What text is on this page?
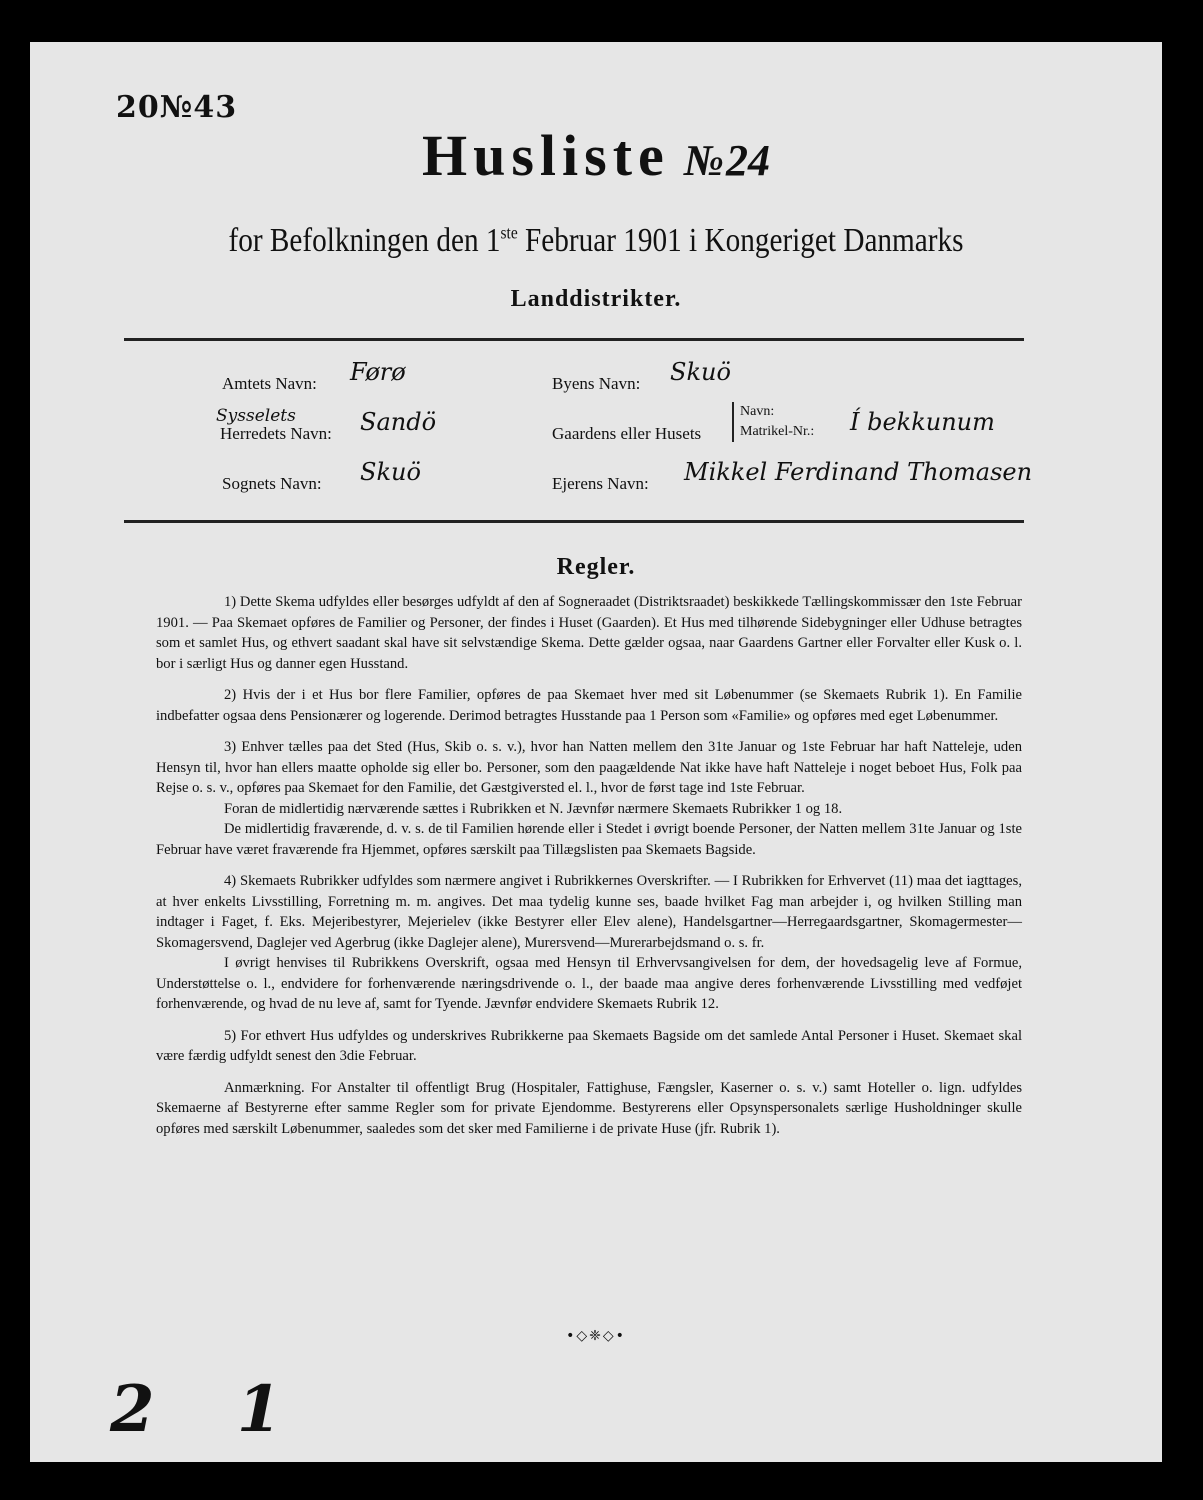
20№43
Husliste №24
for Befolkningen den 1ste Februar 1901 i Kongeriget Danmarks
Landdistrikter.
Amtets Navn: Førø
Sysselets
Herredets Navn: Sandö
Sognets Navn: Skuö
Byens Navn: Skuö
Gaardens eller Husets
Navn:
Matrikel-Nr.: Í bekkunum
Ejerens Navn: Mikkel Ferdinand Thomasen
Regler.

1) Dette Skema udfyldes eller besørges udfyldt af den af Sogneraadet (Distriktsraadet) beskikkede Tællingskommissær den 1ste Februar 1901. — Paa Skemaet opføres de Familier og Personer, der findes i Huset (Gaarden). Et Hus med tilhørende Sidebygninger eller Udhuse betragtes som et samlet Hus, og ethvert saadant skal have sit selvstændige Skema. Dette gælder ogsaa, naar Gaardens Gartner eller Forvalter eller Kusk o. l. bor i særligt Hus og danner egen Husstand.

2) Hvis der i et Hus bor flere Familier, opføres de paa Skemaet hver med sit Løbenummer (se Skemaets Rubrik 1). En Familie indbefatter ogsaa dens Pensionærer og logerende. Derimod betragtes Husstande paa 1 Person som «Familie» og opføres med eget Løbenummer.

3) Enhver tælles paa det Sted (Hus, Skib o. s. v.), hvor han Natten mellem den 31te Januar og 1ste Februar har haft Natteleje, uden Hensyn til, hvor han ellers maatte opholde sig eller bo. Personer, som den paagældende Nat ikke have haft Natteleje i noget beboet Hus, Folk paa Rejse o. s. v., opføres paa Skemaet for den Familie, det Gæstgiversted el. l., hvor de først tage ind 1ste Februar.

Foran de midlertidig nærværende sættes i Rubrikken et N. Jævnfør nærmere Skemaets Rubrikker 1 og 18.

De midlertidig fraværende, d. v. s. de til Familien hørende eller i Stedet i øvrigt boende Personer, der Natten mellem 31te Januar og 1ste Februar have været fraværende fra Hjemmet, opføres særskilt paa Tillægslisten paa Skemaets Bagside.

4) Skemaets Rubrikker udfyldes som nærmere angivet i Rubrikkernes Overskrifter. — I Rubrikken for Erhvervet (11) maa det iagttages, at hver enkelts Livsstilling, Forretning m. m. angives. Det maa tydelig kunne ses, baade hvilket Fag man arbejder i, og hvilken Stilling man indtager i Faget, f. Eks. Mejeribestyrer, Mejerielev (ikke Bestyrer eller Elev alene), Handelsgartner—Herregaardsgartner, Skomagermester—Skomagersvend, Daglejer ved Agerbrug (ikke Daglejer alene), Murersvend—Murerarbejdsmand o. s. fr.

I øvrigt henvises til Rubrikkens Overskrift, ogsaa med Hensyn til Erhvervsangivelsen for dem, der hovedsagelig leve af Formue, Understøttelse o. l., endvidere for forhenværende næringsdrivende o. l., der baade maa angive deres forhenværende Livsstilling med vedføjet forhenværende, og hvad de nu leve af, samt for Tyende. Jævnfør endvidere Skemaets Rubrik 12.

5) For ethvert Hus udfyldes og underskrives Rubrikkerne paa Skemaets Bagside om det samlede Antal Personer i Huset. Skemaet skal være færdig udfyldt senest den 3die Februar.

Anmærkning. For Anstalter til offentligt Brug (Hospitaler, Fattighuse, Fængsler, Kaserner o. s. v.) samt Hoteller o. lign. udfyldes Skemaerne af Bestyrerne efter samme Regler som for private Ejendomme. Bestyrerens eller Opsynspersonalets særlige Husholdninger skulle opføres med særskilt Løbenummer, saaledes som det sker med Familierne i de private Huse (jfr. Rubrik 1).

•◇❈◇•
2 1
